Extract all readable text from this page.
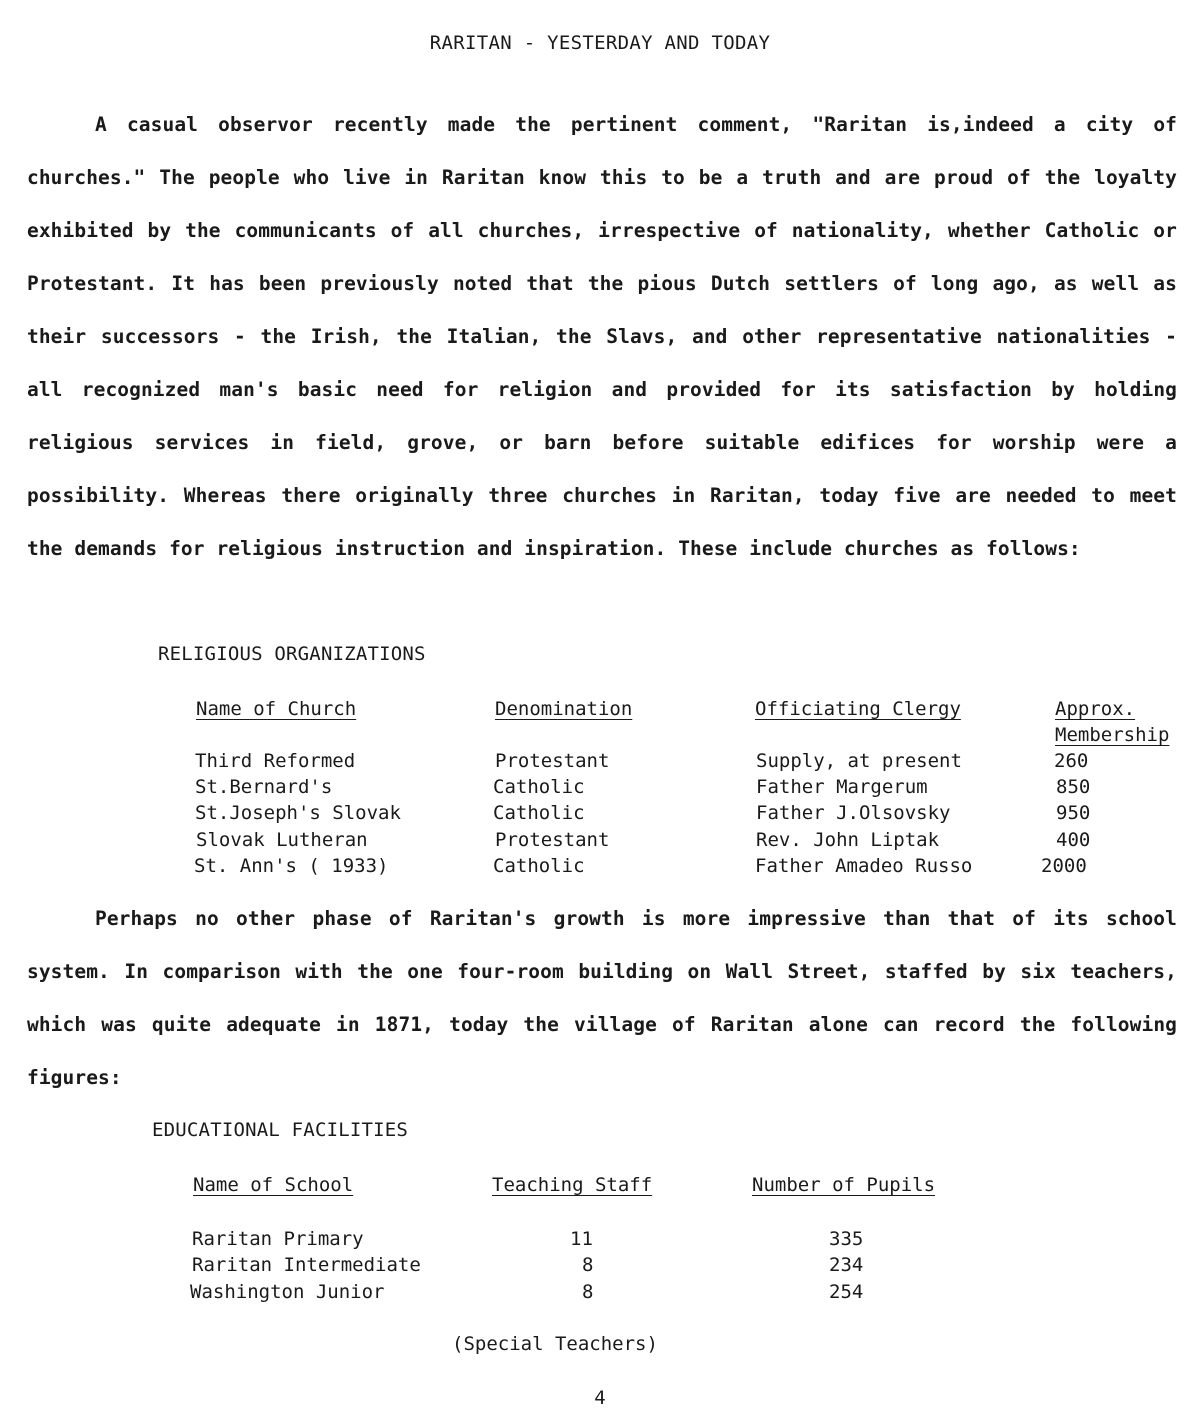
RARITAN - YESTERDAY AND TODAY
A casual observor recently made the pertinent comment, "Raritan is,indeed a city of churches." The people who live in Raritan know this to be a truth and are proud of the loyalty exhibited by the communicants of all churches, irrespective of nationality, whether Catholic or Protestant. It has been previously noted that the pious Dutch settlers of long ago, as well as their successors - the Irish, the Italian, the Slavs, and other representative nationalities - all recognized man's basic need for religion and provided for its satisfaction by holding religious services in field, grove, or barn before suitable edifices for worship were a possibility. Whereas there originally three churches in Raritan, today five are needed to meet the demands for religious instruction and inspiration. These include churches as follows:
RELIGIOUS ORGANIZATIONS
Name of Church	Denomination	Officiating Clergy	Approx.
Membership
Third Reformed	Protestant	Supply, at present	260
St.Bernard's	Catholic	Father Margerum	850
St.Joseph's Slovak	Catholic	Father J.Olsovsky	950
Slovak Lutheran	Protestant	Rev. John Liptak	400
St. Ann's ( 1933)	Catholic	Father Amadeo Russo	2000
Perhaps no other phase of Raritan's growth is more impressive than that of its school system. In comparison with the one four-room building on Wall Street, staffed by six teachers, which was quite adequate in 1871, today the village of Raritan alone can record the following figures:
EDUCATIONAL FACILITIES
Name of School	Teaching Staff	Number of Pupils
Raritan Primary	11	335
Raritan Intermediate	8	234
Washington Junior	8	254
(Special Teachers)
4
